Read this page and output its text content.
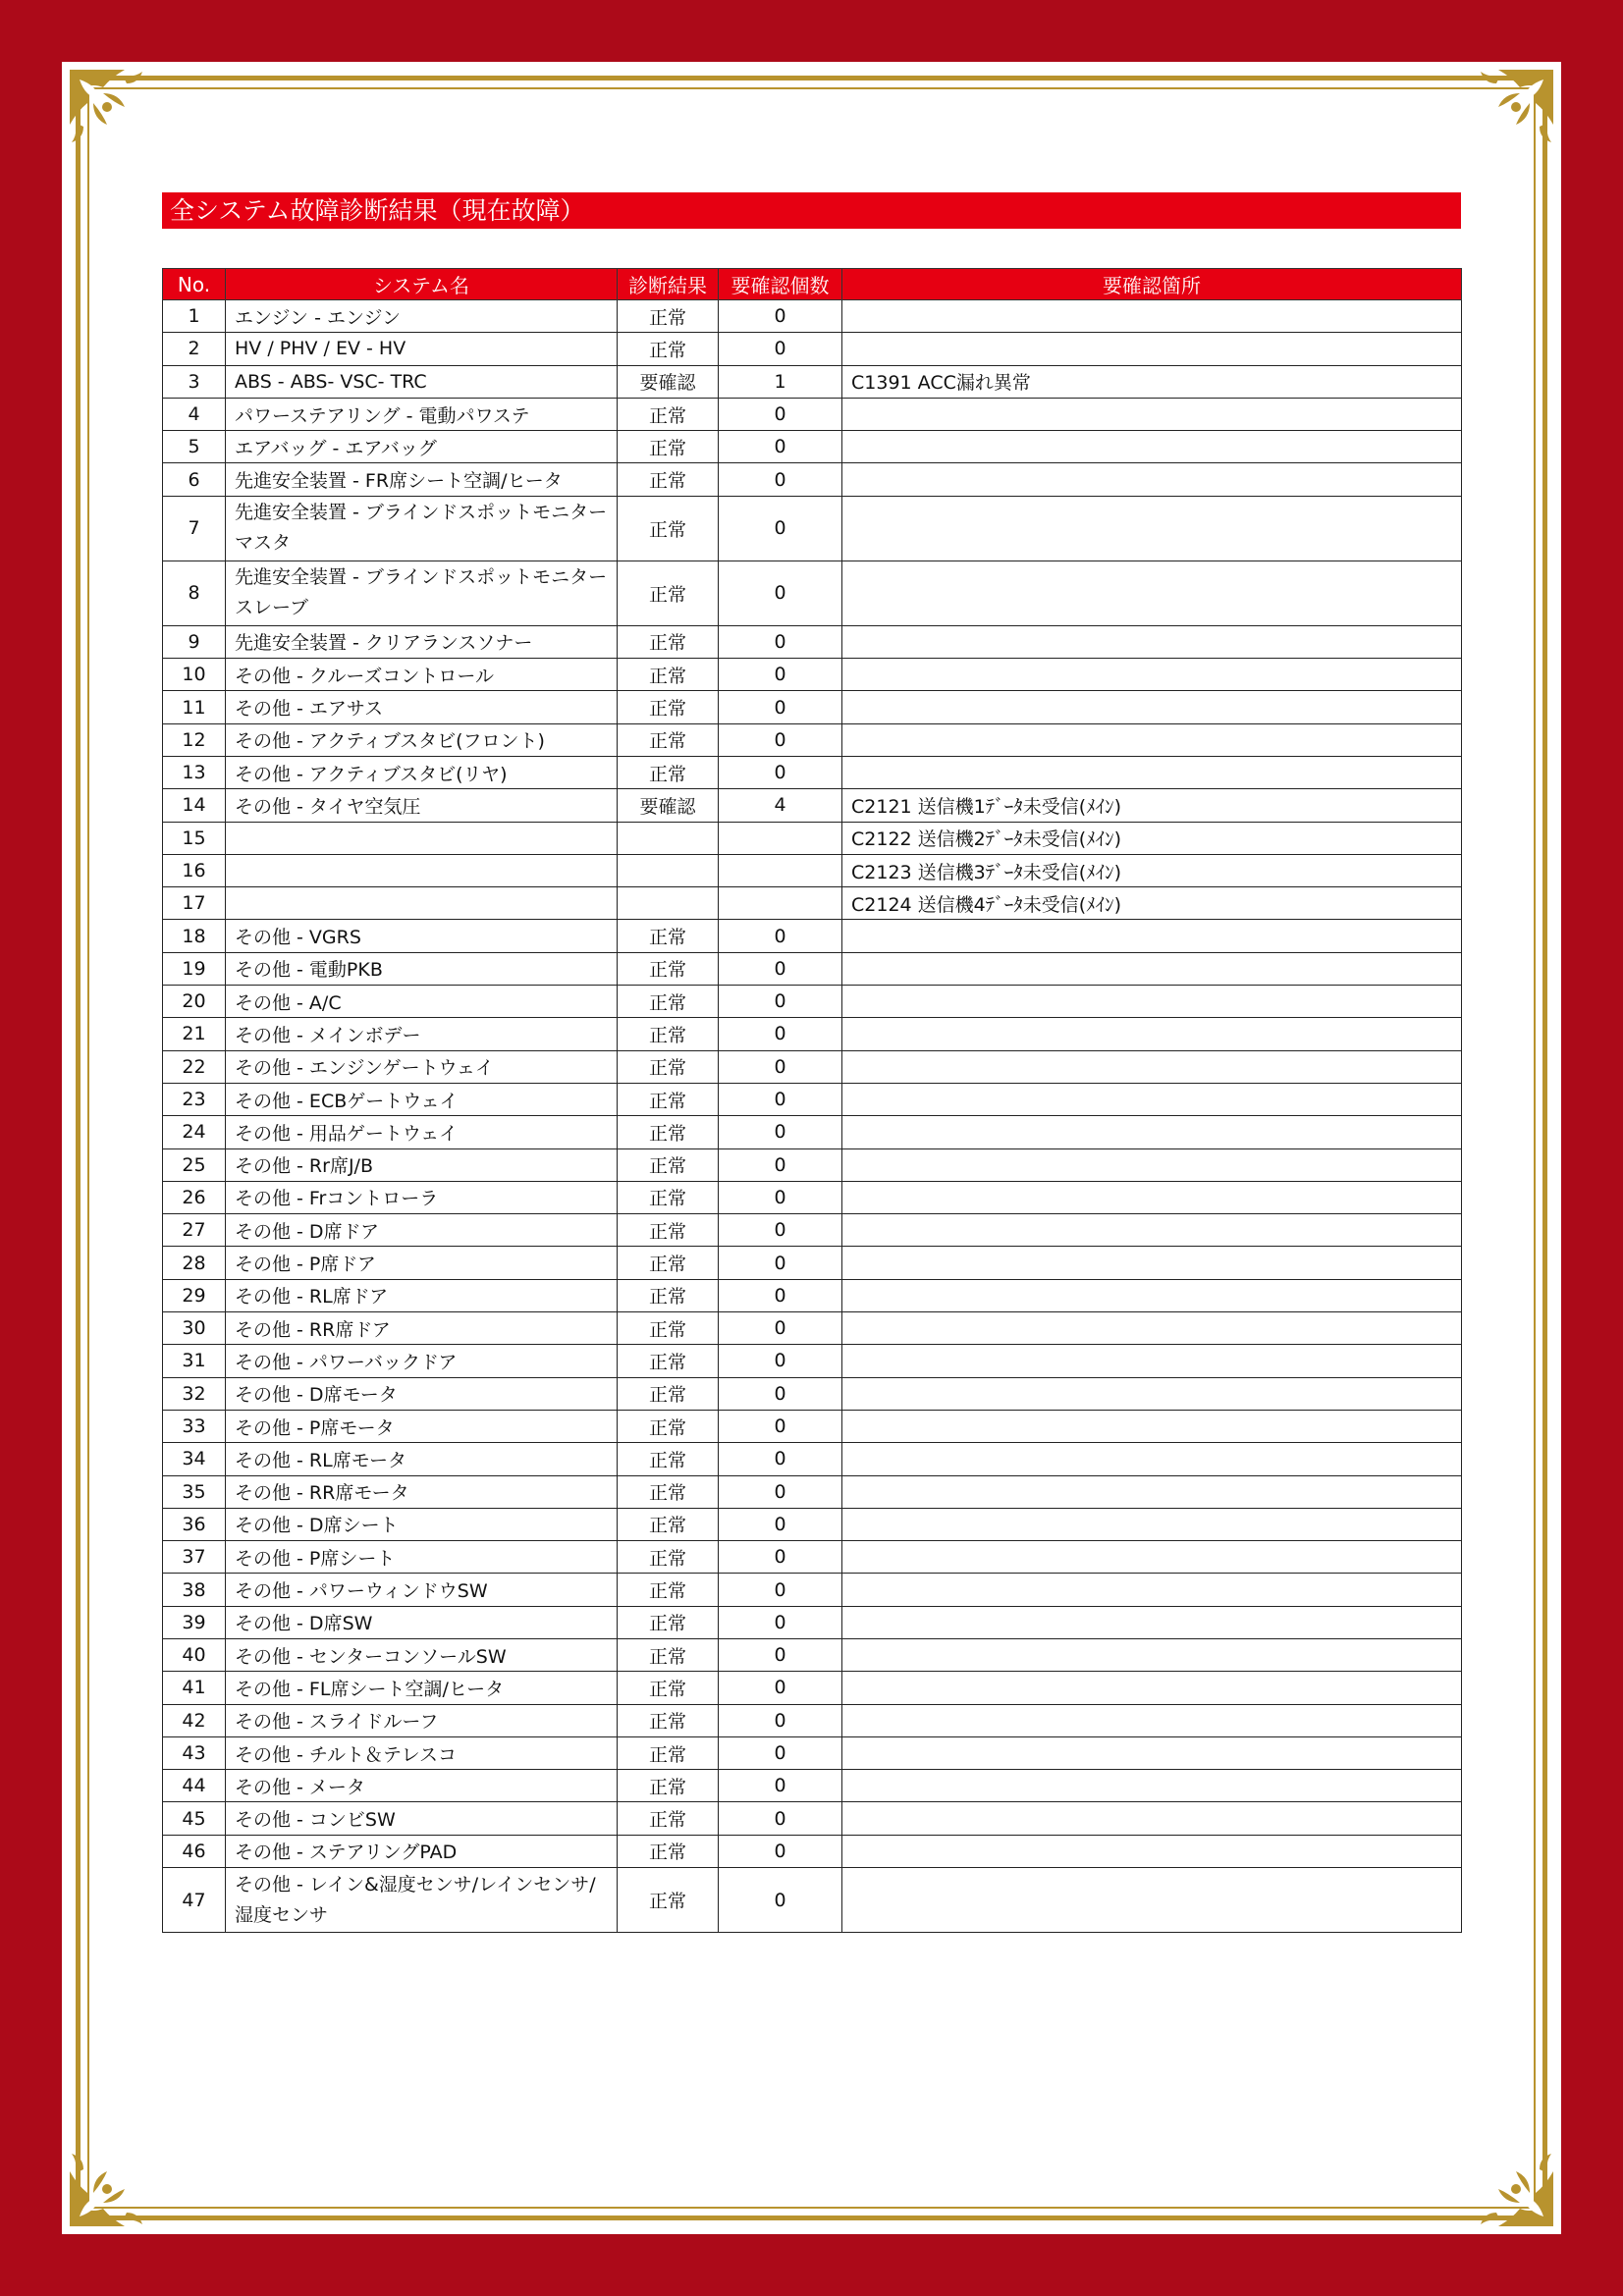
全システム故障診断結果（現在故障）
No.	システム名	診断結果	要確認個数	要確認箇所
1	エンジン - エンジン	正常	0	
2	HV / PHV / EV - HV	正常	0	
3	ABS - ABS- VSC- TRC	要確認	1	C1391 ACC漏れ異常
4	パワーステアリング - 電動パワステ	正常	0	
5	エアバッグ - エアバッグ	正常	0	
6	先進安全装置 - FR席シート空調/ヒータ	正常	0	
7	先進安全装置 - ブラインドスポットモニター マスタ	正常	0	
8	先進安全装置 - ブラインドスポットモニター スレーブ	正常	0	
9	先進安全装置 - クリアランスソナー	正常	0	
10	その他 - クルーズコントロール	正常	0	
11	その他 - エアサス	正常	0	
12	その他 - アクティブスタビ(フロント)	正常	0	
13	その他 - アクティブスタビ(リヤ)	正常	0	
14	その他 - タイヤ空気圧	要確認	4	C2121 送信機1ﾃﾞｰﾀ未受信(ﾒｲﾝ)
15				C2122 送信機2ﾃﾞｰﾀ未受信(ﾒｲﾝ)
16				C2123 送信機3ﾃﾞｰﾀ未受信(ﾒｲﾝ)
17				C2124 送信機4ﾃﾞｰﾀ未受信(ﾒｲﾝ)
18	その他 - VGRS	正常	0	
19	その他 - 電動PKB	正常	0	
20	その他 - A/C	正常	0	
21	その他 - メインボデー	正常	0	
22	その他 - エンジンゲートウェイ	正常	0	
23	その他 - ECBゲートウェイ	正常	0	
24	その他 - 用品ゲートウェイ	正常	0	
25	その他 - Rr席J/B	正常	0	
26	その他 - Frコントローラ	正常	0	
27	その他 - D席ドア	正常	0	
28	その他 - P席ドア	正常	0	
29	その他 - RL席ドア	正常	0	
30	その他 - RR席ドア	正常	0	
31	その他 - パワーバックドア	正常	0	
32	その他 - D席モータ	正常	0	
33	その他 - P席モータ	正常	0	
34	その他 - RL席モータ	正常	0	
35	その他 - RR席モータ	正常	0	
36	その他 - D席シート	正常	0	
37	その他 - P席シート	正常	0	
38	その他 - パワーウィンドウSW	正常	0	
39	その他 - D席SW	正常	0	
40	その他 - センターコンソールSW	正常	0	
41	その他 - FL席シート空調/ヒータ	正常	0	
42	その他 - スライドルーフ	正常	0	
43	その他 - チルト＆テレスコ	正常	0	
44	その他 - メータ	正常	0	
45	その他 - コンビSW	正常	0	
46	その他 - ステアリングPAD	正常	0	
47	その他 - レイン&湿度センサ/レインセンサ/湿度センサ	正常	0	
